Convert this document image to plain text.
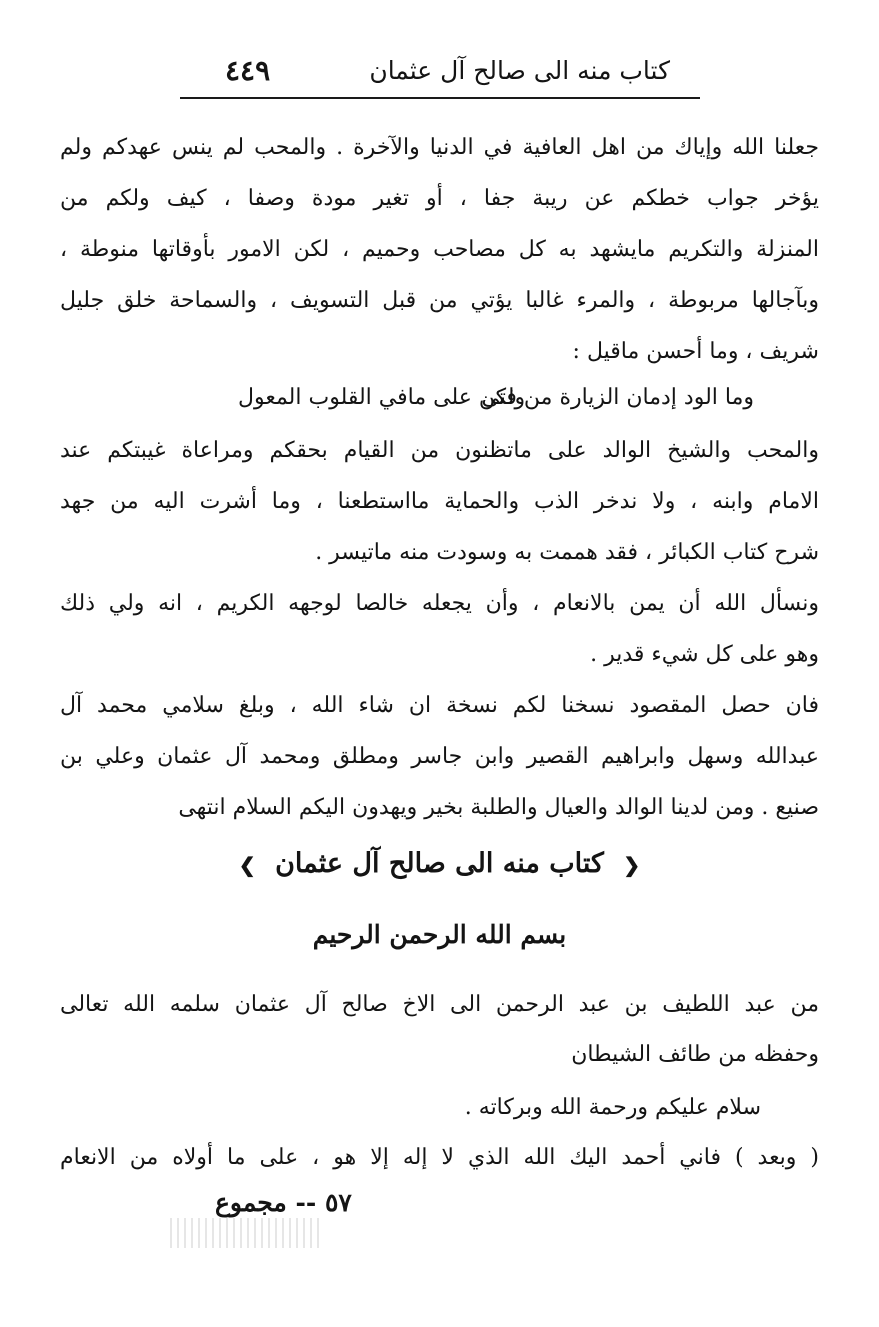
كتاب منه الى صالح آل عثمان
٤٤٩
جعلنا الله وإياك من اهل العافية في الدنيا والآخرة . والمحب لم ينس عهدكم ولم
يؤخر جواب خطكم عن ريبة جفا ، أو تغير مودة وصفا ، كيف ولكم من
المنزلة والتكريم مايشهد به كل مصاحب وحميم ، لكن الامور بأوقاتها منوطة ،
وبآجالها مربوطة ، والمرء غالبا يؤتي من قبل التسويف ، والسماحة خلق جليل
شريف ، وما أحسن ماقيل :
وما الود إدمان الزيارة من فتى
ولكن على مافي القلوب المعول
والمحب والشيخ الوالد على ماتظنون من القيام بحقكم ومراعاة غيبتكم عند
الامام وابنه ، ولا ندخر الذب والحماية مااستطعنا ، وما أشرت اليه من جهد
شرح كتاب الكبائر ، فقد هممت به وسودت منه ماتيسر .
ونسأل الله أن يمن بالانعام ، وأن يجعله خالصا لوجهه الكريم ، انه ولي ذلك
وهو على كل شيء قدير .
فان حصل المقصود نسخنا لكم نسخة ان شاء الله ، وبلغ سلامي محمد آل
عبدالله وسهل وابراهيم القصير وابن جاسر ومطلق ومحمد آل عثمان وعلي بن
صنيع . ومن لدينا الوالد والعيال والطلبة بخير ويهدون اليكم السلام انتهى
❮ كتاب منه الى صالح آل عثمان ❯
بسم الله الرحمن الرحيم
من عبد اللطيف بن عبد الرحمن الى الاخ صالح آل عثمان سلمه الله تعالى
وحفظه من طائف الشيطان
سلام عليكم ورحمة الله وبركاته .
( وبعد ) فاني أحمد اليك الله الذي لا إله إلا هو ، على ما أولاه من الانعام
٥٧ -- مجموع
